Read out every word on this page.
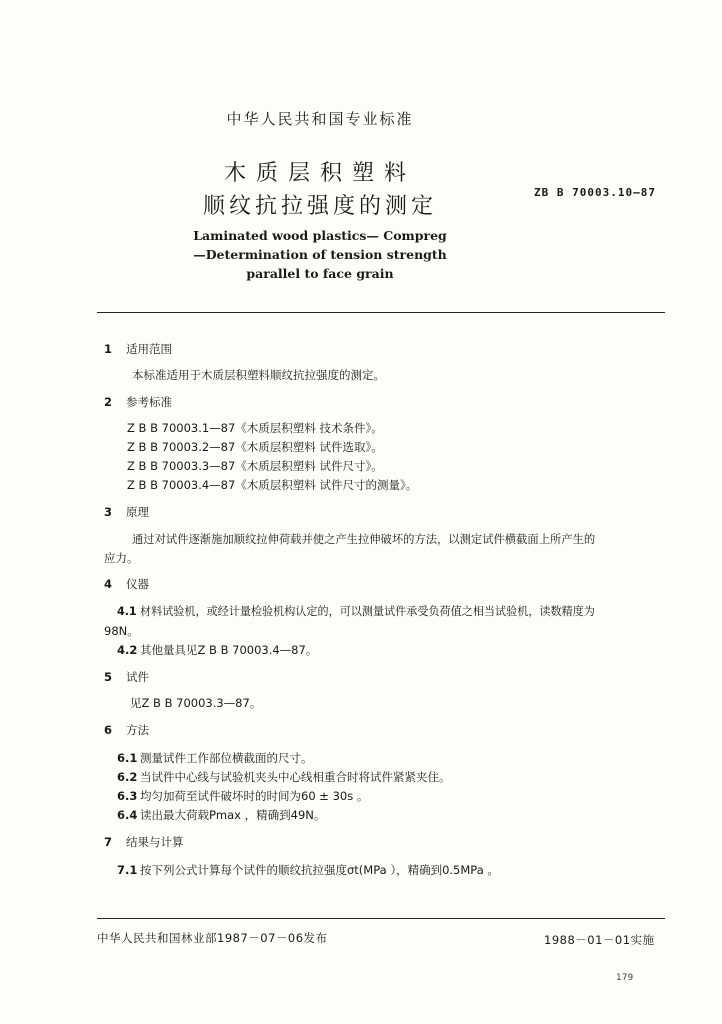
中华人民共和国专业标准
木质层积塑料
顺纹抗拉强度的测定
ZB B 70003.10—87
Laminated wood plastics— Compreg
—Determination of tension strength
parallel to face grain
1 适用范围
本标准适用于木质层积塑料顺纹抗拉强度的测定。
2 参考标准
Z B B 70003.1—87《木质层积塑料 技术条件》。
Z B B 70003.2—87《木质层积塑料 试件选取》。
Z B B 70003.3—87《木质层积塑料 试件尺寸》。
Z B B 70003.4—87《木质层积塑料 试件尺寸的测量》。
3 原理
通过对试件逐渐施加顺纹拉伸荷载并使之产生拉伸破坏的方法，以测定试件横截面上所产生的
应力。
4 仪器
4.1 材料试验机，或经计量检验机构认定的，可以测量试件承受负荷值之相当试验机，读数精度为
98N。
4.2 其他量具见Z B B 70003.4—87。
5 试件
见Z B B 70003.3—87。
6 方法
6.1 测量试件工作部位横截面的尺寸。
6.2 当试件中心线与试验机夹头中心线相重合时将试件紧紧夹住。
6.3 均匀加荷至试件破坏时的时间为60 ± 30s 。
6.4 读出最大荷载Pmax ，精确到49N。
7 结果与计算
7.1 按下列公式计算每个试件的顺纹抗拉强度σt(MPa ），精确到0.5MPa 。
中华人民共和国林业部1987－07－06发布	1988－01－01实施
179
